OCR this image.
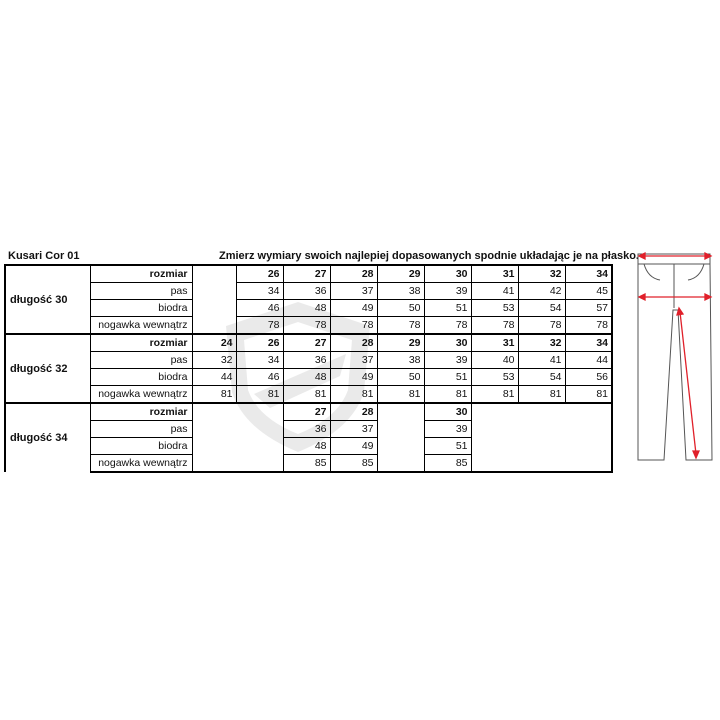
Kusari Cor 01	Zmierz wymiary swoich najlepiej dopasowanych spodnie układając je na płasko.
długość 30	rozmiar		26	27	28	29	30	31	32	34
	pas		34	36	37	38	39	41	42	45
	biodra		46	48	49	50	51	53	54	57
	nogawka wewnątrz		78	78	78	78	78	78	78	78
długość 32	rozmiar	24	26	27	28	29	30	31	32	34
	pas	32	34	36	37	38	39	40	41	44
	biodra	44	46	48	49	50	51	53	54	56
	nogawka wewnątrz	81	81	81	81	81	81	81	81	81
długość 34	rozmiar			27	28		30			
	pas			36	37		39			
	biodra			48	49		51			
	nogawka wewnątrz			85	85		85			
